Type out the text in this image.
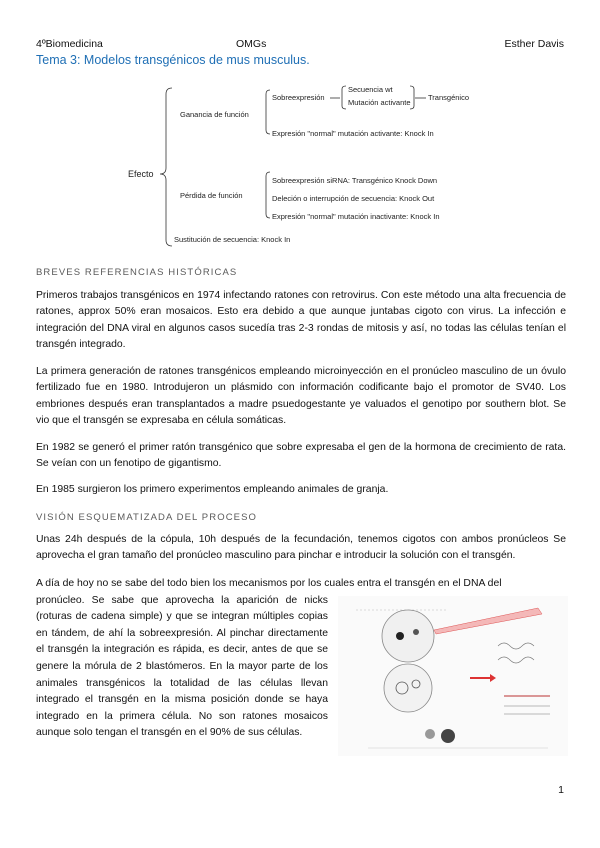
4ºBiomedicina	OMGs	Esther Davis
Tema 3: Modelos transgénicos de mus musculus.
Efecto
Ganancia de función
Sobreexpresión
Secuencia wt
Mutación activante
Transgénico
Expresión "normal" mutación activante: Knock In
Pérdida de función
Sobreexpresión siRNA: Transgénico Knock Down
Deleción o interrupción de secuencia: Knock Out
Expresión "normal" mutación inactivante: Knock In
Sustitución de secuencia: Knock In
BREVES REFERENCIAS HISTÓRICAS

Primeros trabajos transgénicos en 1974 infectando ratones con retrovirus. Con este método una alta frecuencia de ratones, approx 50% eran mosaicos. Esto era debido a que aunque juntabas cigoto con virus. La infección e integración del DNA viral en algunos casos sucedía tras 2-3 rondas de mitosis y así, no todas las células tenían el transgén integrado.

La primera generación de ratones transgénicos empleando microinyección en el pronúcleo masculino de un óvulo fertilizado fue en 1980. Introdujeron un plásmido con información codificante bajo el promotor de SV40. Los embriones después eran transplantados a madre psuedogestante ye valuados el genotipo por southern blot. Se vio que el transgén se expresaba en célula somáticas.

En 1982 se generó el primer ratón transgénico que sobre expresaba el gen de la hormona de crecimiento de rata. Se veían con un fenotipo de gigantismo.

En 1985 surgieron los primero experimentos empleando animales de granja.

VISIÓN ESQUEMATIZADA DEL PROCESO

Unas 24h después de la cópula, 10h después de la fecundación, tenemos cigotos con ambos pronúcleos Se aprovecha el gran tamaño del pronúcleo masculino para pinchar e introducir la solución con el transgén.

A día de hoy no se sabe del todo bien los mecanismos por los cuales entra el transgén en el DNA del
pronúcleo. Se sabe que aprovecha la aparición de nicks (roturas de cadena simple) y que se integran múltiples copias en tándem, de ahí la sobreexpresión. Al pinchar directamente el transgén la integración es rápida, es decir, antes de que se genere la mórula de 2 blastómeros. En la mayor parte de los animales transgénicos la totalidad de las células llevan integrado el transgén en la misma posición donde se haya integrado en la primera célula. No son ratones mosaicos aunque solo tengan el transgén en el 90% de sus células.
1
